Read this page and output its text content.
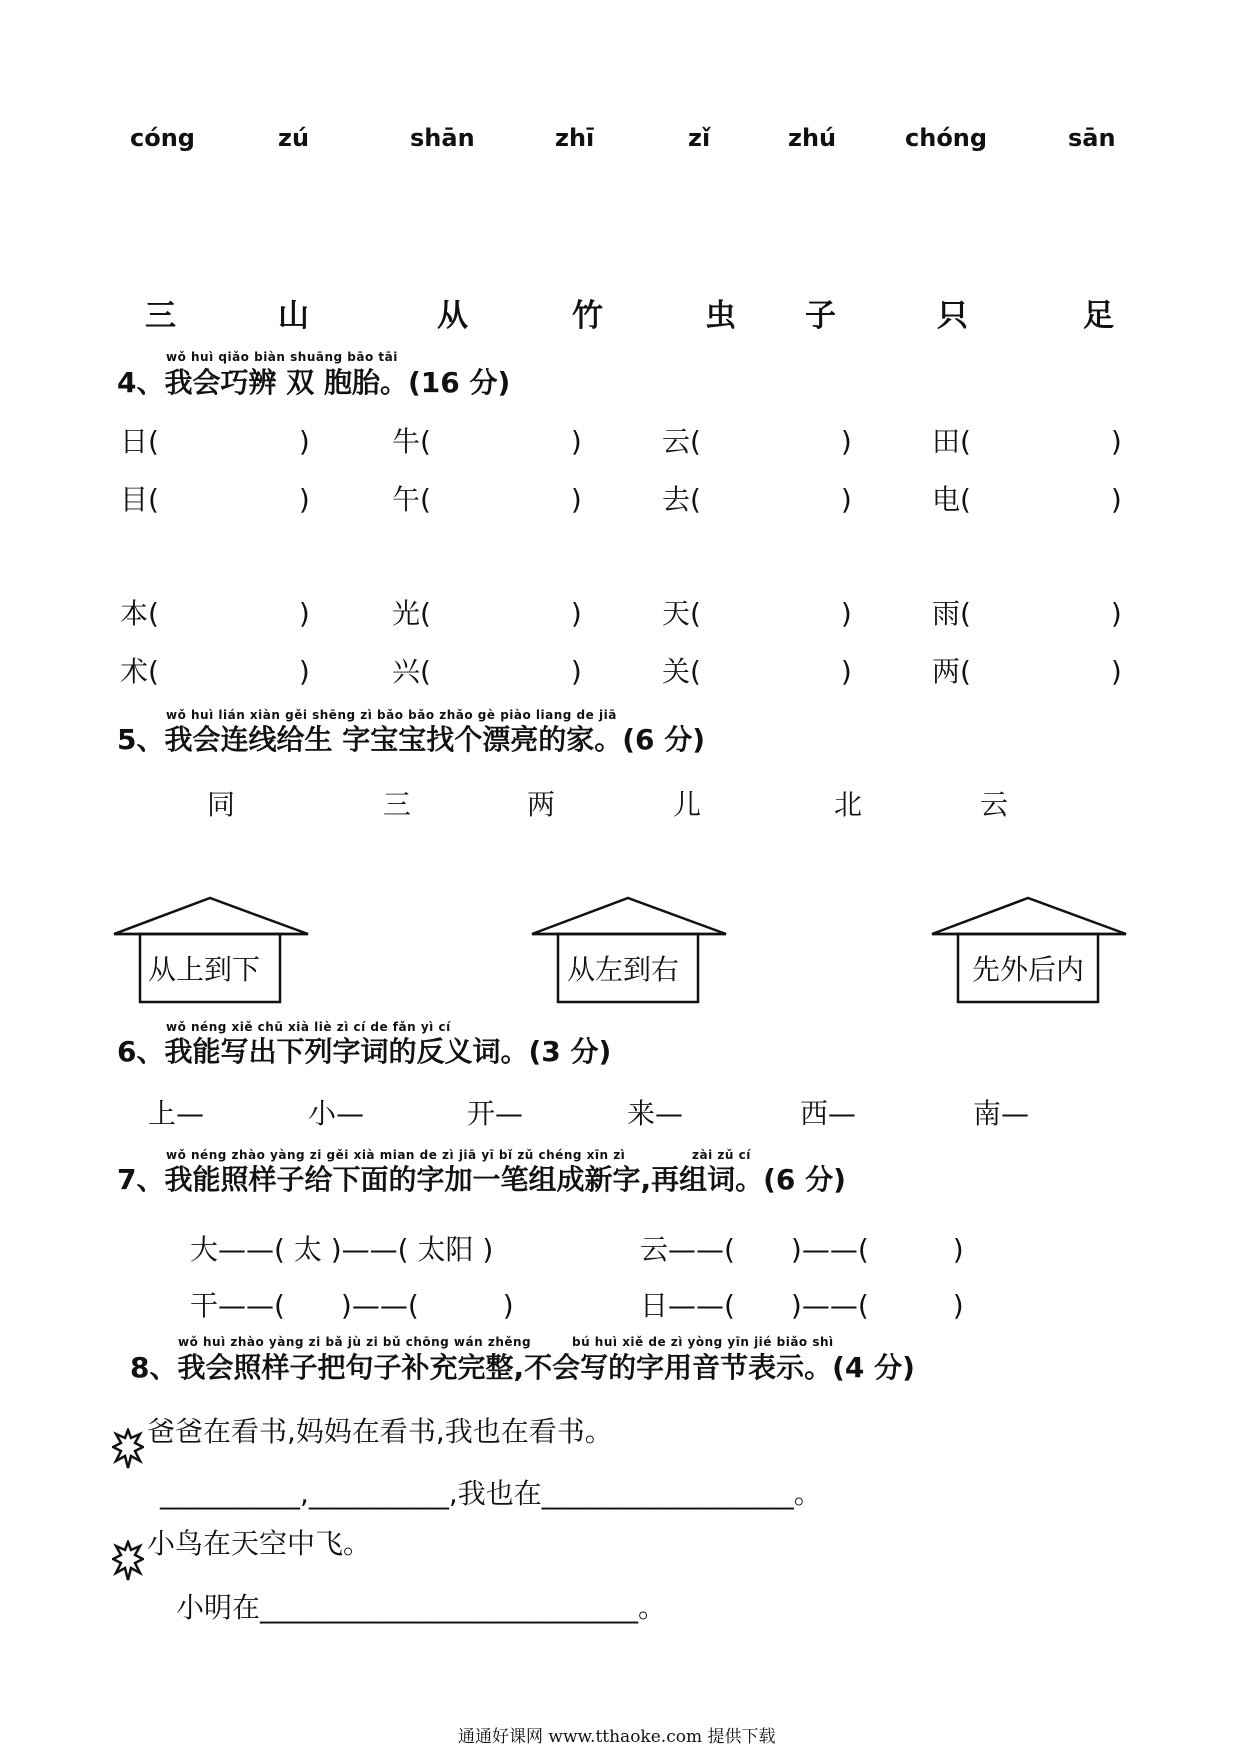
cóng	zú	shān	zhī	zǐ	zhú	chóng	sān
三	山	从	竹	虫 子	只	足
wǒ huì qiǎo biàn shuāng bāo tāi
4、我会巧辨 双 胞胎。(16 分)
日(　　　　　)	牛(　　　　　)	云(　　　　　)	田(　　　　　)
目(　　　　　)	午(　　　　　)	去(　　　　　)	电(　　　　　)
本(　　　　　)	光(　　　　　)	天(　　　　　)	雨(　　　　　)
术(　　　　　)	兴(　　　　　)	关(　　　　　)	两(　　　　　)
wǒ huì lián xiàn gěi shēng zì bǎo bǎo zhǎo gè piào liang de jiā
5、我会连线给生 字宝宝找个漂亮的家。(6 分)
同	三	两	儿	北	云
从上到下	从左到右	先外后内
wǒ néng xiě chū xià liè zì cí de fǎn yì cí
6、我能写出下列字词的反义词。(3 分)
上—	小—	开—	来—	西—	南—
wǒ néng zhào yàng zi gěi xià mian de zì jiā yī bǐ zǔ chéng xīn zì	zài zǔ cí
7、我能照样子给下面的字加一笔组成新字,再组词。(6 分)
大——( 太 )——( 太阳 )	云——(　　)——(　　　)
干——(　　)——(　　　)	日——(　　)——(　　　)
wǒ huì zhào yàng zi bǎ jù zi bǔ chōng wán zhěng	bú huì xiě de zì yòng yīn jié biǎo shì
8、我会照样子把句子补充完整,不会写的字用音节表示。(4 分)
爸爸在看书,妈妈在看书,我也在看书。
__________,__________,我也在__________________。
小鸟在天空中飞。
小明在___________________________。
通通好课网 www.tthaoke.com 提供下载
